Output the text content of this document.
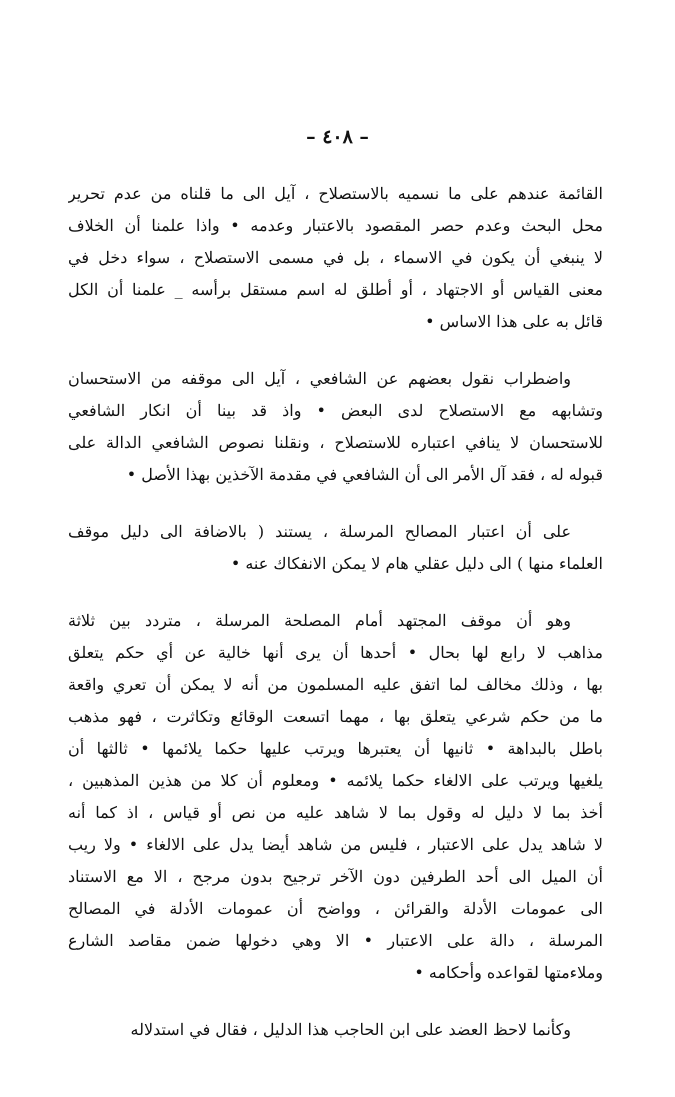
– ٤٠٨ –
القائمة عندهم على ما نسميه بالاستصلاح ، آيل الى ما قلناه من عدم تحرير
محل البحث وعدم حصر المقصود بالاعتبار وعدمه • واذا علمنا أن الخلاف
لا ينبغي أن يكون في الاسماء ، بل في مسمى الاستصلاح ، سواء دخل في
معنى القياس أو الاجتهاد ، أو أطلق له اسم مستقل برأسه _ علمنا أن الكل
قائل به على هذا الاساس •
واضطراب نقول بعضهم عن الشافعي ، آيل الى موقفه من الاستحسان
وتشابهه مع الاستصلاح لدى البعض • واذ قد بينا أن انكار الشافعي
للاستحسان لا ينافي اعتباره للاستصلاح ، ونقلنا نصوص الشافعي الدالة على
قبوله له ، فقد آل الأمر الى أن الشافعي في مقدمة الآخذين بهذا الأصل •
على أن اعتبار المصالح المرسلة ، يستند ( بالاضافة الى دليل موقف
العلماء منها ) الى دليل عقلي هام لا يمكن الانفكاك عنه •
وهو أن موقف المجتهد أمام المصلحة المرسلة ، متردد بين ثلاثة
مذاهب لا رابع لها بحال • أحدها أن يرى أنها خالية عن أي حكم يتعلق
بها ، وذلك مخالف لما اتفق عليه المسلمون من أنه لا يمكن أن تعري واقعة
ما من حكم شرعي يتعلق بها ، مهما اتسعت الوقائع وتكاثرت ، فهو مذهب
باطل بالبداهة • ثانيها أن يعتبرها ويرتب عليها حكما يلائمها • ثالثها أن
يلغيها ويرتب على الالغاء حكما يلائمه • ومعلوم أن كلا من هذين المذهبين ،
أخذ بما لا دليل له وقول بما لا شاهد عليه من نص أو قياس ، اذ كما أنه
لا شاهد يدل على الاعتبار ، فليس من شاهد أيضا يدل على الالغاء • ولا ريب
أن الميل الى أحد الطرفين دون الآخر ترجيح بدون مرجح ، الا مع الاستناد
الى عمومات الأدلة والقرائن ، وواضح أن عمومات الأدلة في المصالح
المرسلة ، دالة على الاعتبار • الا وهي دخولها ضمن مقاصد الشارع
وملاءمتها لقواعده وأحكامه •
وكأنما لاحظ العضد على ابن الحاجب هذا الدليل ، فقال في استدلاله
